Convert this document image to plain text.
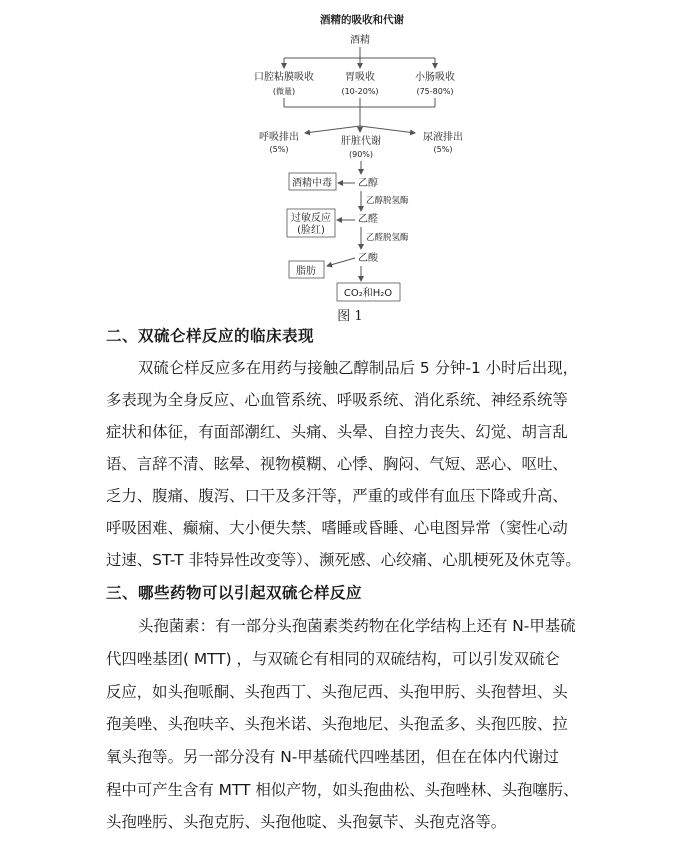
酒精的吸收和代谢
酒精
口腔粘膜吸收
(微量)
胃吸收
(10-20%)
小肠吸收
(75-80%)
呼吸排出
(5%)
肝脏代谢
(90%)
尿液排出
(5%)
乙醇
乙醇脱氢酶
乙醛
乙醛脱氢酶
乙酸
CO₂和H₂O
酒精中毒
过敏反应
(脸红)
脂肪
图 1
二、双硫仑样反应的临床表现
双硫仑样反应多在用药与接触乙醇制品后 5 分钟-1 小时后出现，
多表现为全身反应、心血管系统、呼吸系统、消化系统、神经系统等
症状和体征，有面部潮红、头痛、头晕、自控力丧失、幻觉、胡言乱
语、言辞不清、眩晕、视物模糊、心悸、胸闷、气短、恶心、呕吐、
乏力、腹痛、腹泻、口干及多汗等，严重的或伴有血压下降或升高、
呼吸困难、癫痫、大小便失禁、嗜睡或昏睡、心电图异常（窦性心动
过速、ST-T 非特异性改变等）、濒死感、心绞痛、心肌梗死及休克等。
三、哪些药物可以引起双硫仑样反应
头孢菌素：有一部分头孢菌素类药物在化学结构上还有 N-甲基硫
代四唑基团( MTT) ，与双硫仑有相同的双硫结构，可以引发双硫仑
反应，如头孢哌酮、头孢西丁、头孢尼西、头孢甲肟、头孢替坦、头
孢美唑、头孢呋辛、头孢米诺、头孢地尼、头孢孟多、头孢匹胺、拉
氧头孢等。另一部分没有 N-甲基硫代四唑基团，但在在体内代谢过
程中可产生含有 MTT 相似产物，如头孢曲松、头孢唑林、头孢噻肟、
头孢唑肟、头孢克肟、头孢他啶、头孢氨苄、头孢克洛等。
